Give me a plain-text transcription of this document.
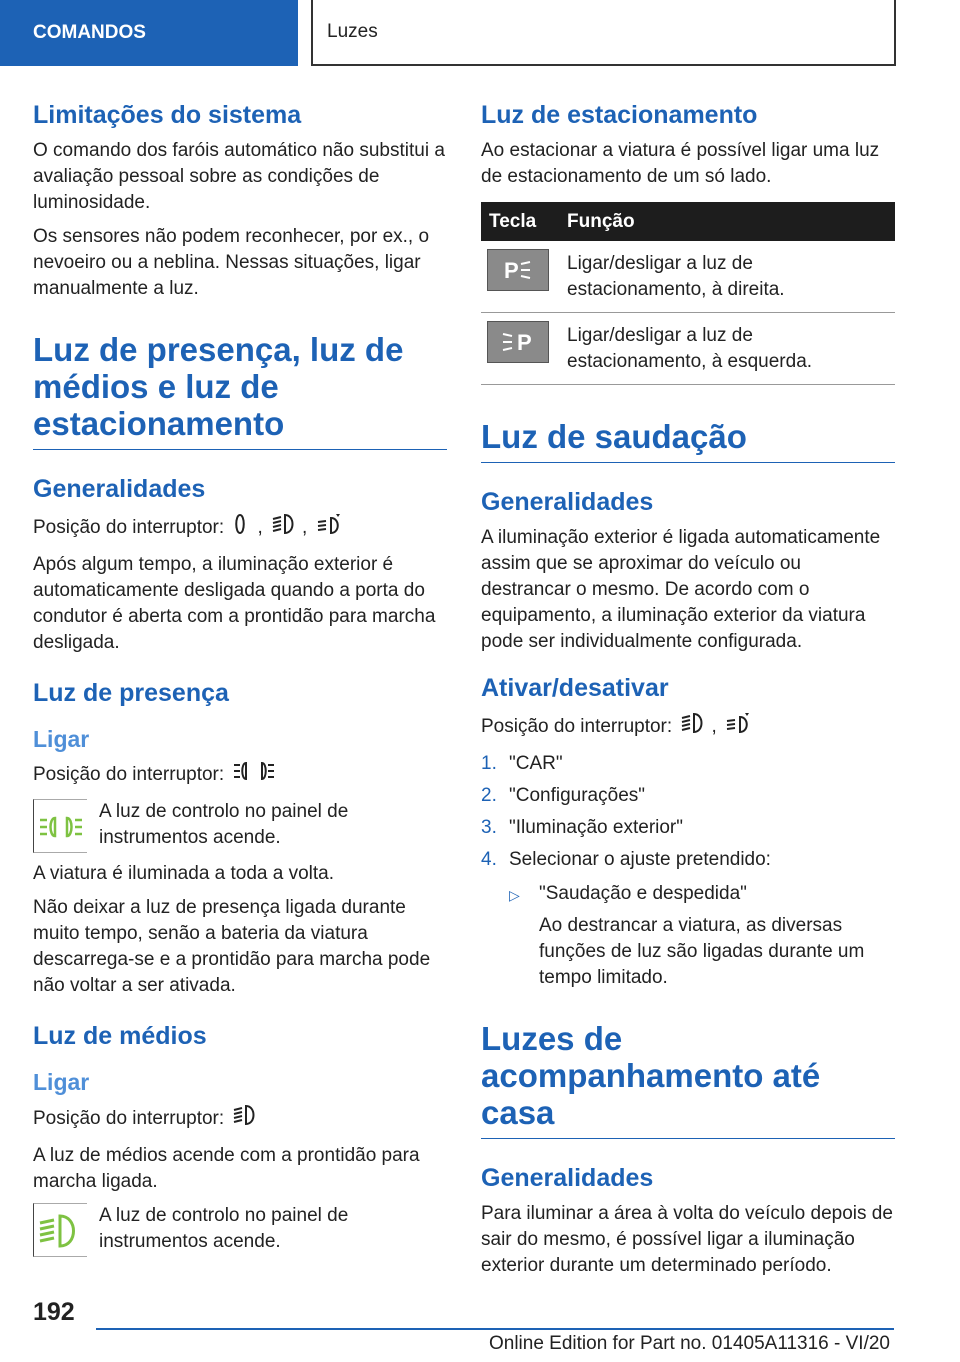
COMANDOS	Luzes
Limitações do sistema

O comando dos faróis automático não substitui a avaliação pessoal sobre as condições de luminosidade.

Os sensores não podem reconhecer, por ex., o nevoeiro ou a neblina. Nessas situações, ligar manualmente a luz.

Luz de presença, luz de médios e luz de estacionamento
Generalidades

Posição do interruptor: , ,

Após algum tempo, a iluminação exterior é automaticamente desligada quando a porta do condutor é aberta com a prontidão para marcha desligada.

Luz de presença
Ligar

Posição do interruptor:

A luz de controlo no painel de instrumentos acende.

A viatura é iluminada a toda a volta.

Não deixar a luz de presença ligada durante muito tempo, senão a bateria da viatura descarrega-se e a prontidão para marcha pode não voltar a ser ativada.

Luz de médios
Ligar

Posição do interruptor:

A luz de médios acende com a prontidão para marcha ligada.

A luz de controlo no painel de instrumentos acende.

Luz de estacionamento

Ao estacionar a viatura é possível ligar uma luz de estacionamento de um só lado.

Tecla	Função

P	Ligar/desligar a luz de estacionamento, à direita.

P	Ligar/desligar a luz de estacionamento, à esquerda.
Luz de saudação
Generalidades

A iluminação exterior é ligada automaticamente assim que se aproximar do veículo ou destrancar o mesmo. De acordo com o equipamento, a iluminação exterior da viatura pode ser individualmente configurada.

Ativar/desativar

Posição do interruptor: ,

1. "CAR"
2. "Configurações"
3. "Iluminação exterior"
4. Selecionar o ajuste pretendido:
▷	"Saudação e despedida"
Ao destrancar a viatura, as diversas funções de luz são ligadas durante um tempo limitado.
Luzes de acompanhamento até casa
Generalidades

Para iluminar a área à volta do veículo depois de sair do mesmo, é possível ligar a iluminação exterior durante um determinado período.

192
Online Edition for Part no. 01405A11316 - VI/20
